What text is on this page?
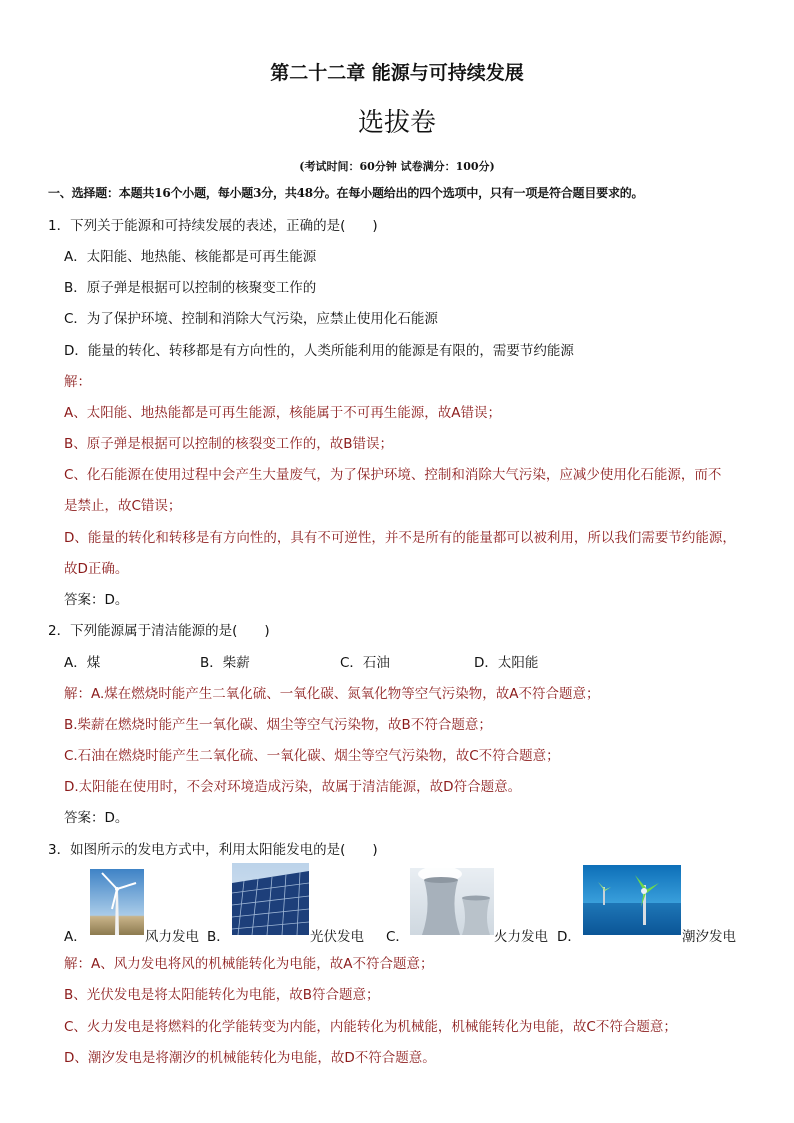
第二十二章 能源与可持续发展
选拔卷
(考试时间：60分钟 试卷满分：100分)
一、选择题：本题共16个小题，每小题3分，共48分。在每小题给出的四个选项中，只有一项是符合题目要求的。
1．下列关于能源和可持续发展的表述，正确的是(　　)
A．太阳能、地热能、核能都是可再生能源
B．原子弹是根据可以控制的核聚变工作的
C．为了保护环境、控制和消除大气污染，应禁止使用化石能源
D．能量的转化、转移都是有方向性的，人类所能利用的能源是有限的，需要节约能源
解：
A、太阳能、地热能都是可再生能源，核能属于不可再生能源，故A错误；
B、原子弹是根据可以控制的核裂变工作的，故B错误；
C、化石能源在使用过程中会产生大量废气，为了保护环境、控制和消除大气污染，应减少使用化石能源，而不
是禁止，故C错误；
D、能量的转化和转移是有方向性的，具有不可逆性，并不是所有的能量都可以被利用，所以我们需要节约能源，
故D正确。
答案：D。
2．下列能源属于清洁能源的是(　　)
A．煤	B．柴薪	C．石油	D．太阳能
解：A.煤在燃烧时能产生二氧化硫、一氧化碳、氮氧化物等空气污染物，故A不符合题意；
B.柴薪在燃烧时能产生一氧化碳、烟尘等空气污染物，故B不符合题意；
C.石油在燃烧时能产生二氧化硫、一氧化碳、烟尘等空气污染物，故C不符合题意；
D.太阳能在使用时，不会对环境造成污染，故属于清洁能源，故D符合题意。
答案：D。
3．如图所示的发电方式中，利用太阳能发电的是(　　)
A．	风力发电 B．	光伏发电 C．	火力发电 D．	潮汐发电
解：A、风力发电将风的机械能转化为电能，故A不符合题意；
B、光伏发电是将太阳能转化为电能，故B符合题意；
C、火力发电是将燃料的化学能转变为内能，内能转化为机械能，机械能转化为电能，故C不符合题意；
D、潮汐发电是将潮汐的机械能转化为电能，故D不符合题意。
